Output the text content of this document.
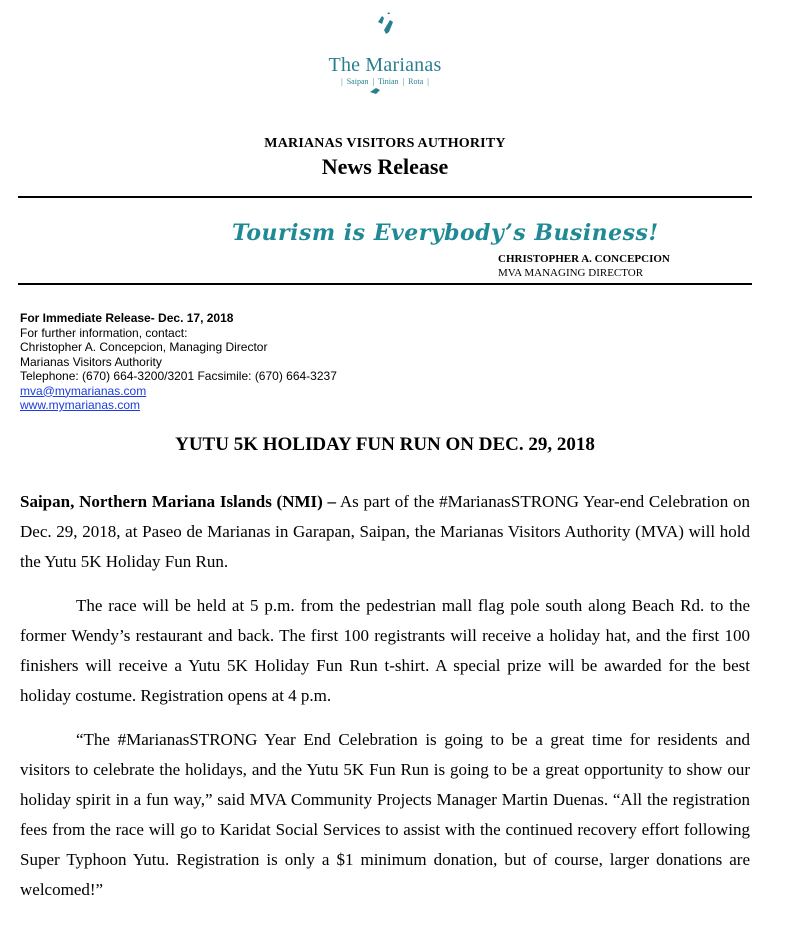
The Marianas
|  Saipan  |  Tinian  |  Rota  |
MARIANAS VISITORS AUTHORITY
News Release
Tourism is Everybody’s Business!
CHRISTOPHER A. CONCEPCION
MVA MANAGING DIRECTOR
For Immediate Release- Dec. 17, 2018
For further information, contact:
Christopher A. Concepcion, Managing Director
Marianas Visitors Authority
Telephone: (670) 664-3200/3201 Facsimile: (670) 664-3237
mva@mymarianas.com
www.mymarianas.com
YUTU 5K HOLIDAY FUN RUN ON DEC. 29, 2018

Saipan, Northern Mariana Islands (NMI) – As part of the #MarianasSTRONG Year-end Celebration on Dec. 29, 2018, at Paseo de Marianas in Garapan, Saipan, the Marianas Visitors Authority (MVA) will hold the Yutu 5K Holiday Fun Run.

The race will be held at 5 p.m. from the pedestrian mall flag pole south along Beach Rd. to the former Wendy’s restaurant and back. The first 100 registrants will receive a holiday hat, and the first 100 finishers will receive a Yutu 5K Holiday Fun Run t-shirt. A special prize will be awarded for the best holiday costume. Registration opens at 4 p.m.

“The #MarianasSTRONG Year End Celebration is going to be a great time for residents and visitors to celebrate the holidays, and the Yutu 5K Fun Run is going to be a great opportunity to show our holiday spirit in a fun way,” said MVA Community Projects Manager Martin Duenas. “All the registration fees from the race will go to Karidat Social Services to assist with the continued recovery effort following Super Typhoon Yutu. Registration is only a $1 minimum donation, but of course, larger donations are welcomed!”
